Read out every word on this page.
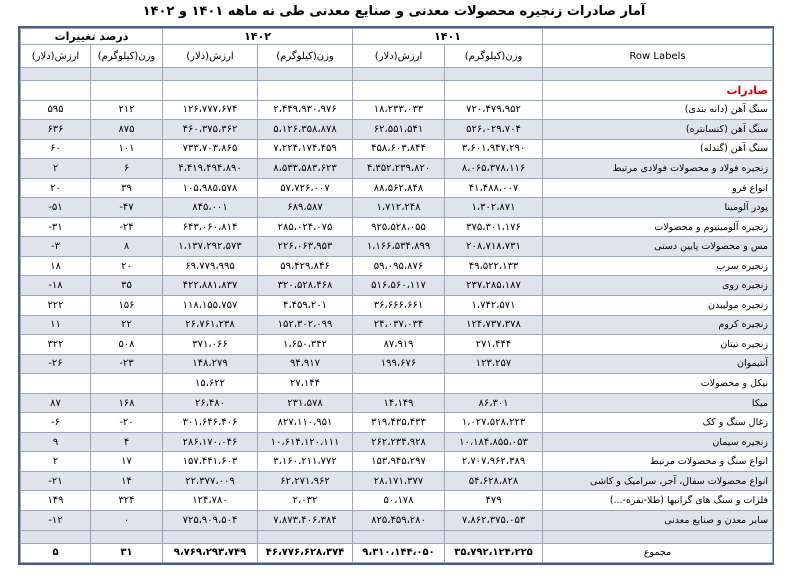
آمار صادرات زنجیره محصولات معدنی و صنایع معدنی طی نه ماهه ۱۴۰۱ و ۱۴۰۲
درصد تغییرات		۱۴۰۲		۱۴۰۱		
ارزش(دلار)	وزن(کیلوگرم)	ارزش(دلار)	وزن(کیلوگرم)	ارزش(دلار)	وزن(کیلوگرم)	Row Labels

						صادرات
۵۹۵	۲۱۲	۱۲۶،۷۷۷،۶۷۴	۲،۴۴۹،۹۳۰،۹۷۶	۱۸،۲۳۳،۰۳۳	۷۲۰،۴۷۹،۹۵۲	سنگ آهن (دانه بندی)
۶۳۶	۸۷۵	۴۶۰،۳۷۵،۳۶۲	۵،۱۲۶،۳۵۸،۸۷۸	۶۲،۵۵۱،۵۴۱	۵۲۶،۰۲۹،۷۰۴	سنگ آهن (کنسانتره)
۶۰	۱۰۱	۷۳۳،۷۰۳،۸۶۵	۷،۲۲۴،۱۷۴،۴۵۹	۴۵۸،۶۰۳،۸۴۴	۳،۶۰۱،۹۴۷،۲۹۰	سنگ آهن (گندله)
۲	۶	۴،۴۱۹،۴۹۴،۸۹۰	۸،۵۳۳،۵۸۳،۶۲۳	۴،۳۵۲،۲۳۹،۸۲۰	۸،۰۶۵،۳۷۸،۱۱۶	زنجیره فولاد و محصولات فولادی مرتبط
۲۰	۳۹	۱۰۵،۹۸۵،۵۷۸	۵۷،۷۲۶،۰۰۷	۸۸،۵۶۲،۸۴۸	۴۱،۴۸۸،۰۰۷	انواع فرو
-۵۱	-۴۷	۸۴۵،۰۰۱	۶۸۹،۵۸۷	۱،۷۱۲،۲۴۸	۱،۳۰۲،۸۷۱	پودر آلومینا
-۳۱	-۲۴	۶۴۳،۰۶۰،۸۱۴	۲۸۵،۰۲۴،۰۷۵	۹۲۵،۵۲۸،۰۵۵	۳۷۵،۳۰۱،۱۷۶	زنجیره آلومینیوم و محصولات
-۳	۸	۱،۱۳۷،۲۹۲،۵۷۳	۲۲۶،۰۶۳،۹۵۳	۱،۱۶۶،۵۳۴،۸۹۹	۲۰۸،۷۱۸،۷۳۱	مس و محصولات پایین دستی
۱۸	۲۰	۶۹،۷۷۹،۹۹۵	۵۹،۴۲۹،۸۴۶	۵۹،۰۹۵،۸۷۶	۴۹،۵۲۲،۱۳۳	زنجیره سرب
-۱۸	۳۵	۴۲۲،۸۸۱،۸۳۷	۳۲۰،۵۲۸،۴۶۸	۵۱۶،۵۶۰،۱۱۷	۲۳۷،۲۸۵،۱۸۷	زنجیره روی
۲۲۲	۱۵۶	۱۱۸،۱۵۵،۷۵۷	۴،۴۵۹،۲۰۱	۳۶،۶۶۶،۶۶۱	۱،۷۴۲،۵۷۱	زنجیره مولیبدن
۱۱	۲۲	۲۶،۷۶۱،۲۳۸	۱۵۲،۳۰۲،۰۹۹	۲۴،۰۳۷،۰۳۴	۱۲۴،۷۳۷،۳۷۸	زنجیره کروم
۳۲۲	۵۰۸	۳۷۱،۰۶۶	۱،۶۵۰،۳۴۲	۸۷،۹۱۹	۲۷۱،۴۴۴	زنجیره تیتان
-۲۶	-۲۳	۱۴۸،۲۷۹	۹۴،۹۱۷	۱۹۹،۶۷۶	۱۲۳،۲۵۷	آنتیموان
		۱۵،۶۲۲	۲۷،۱۴۴			نیکل و محصولات
۸۷	۱۶۸	۲۶،۴۸۰	۲۳۱،۵۷۸	۱۴،۱۴۹	۸۶،۳۰۱	میکا
-۶	-۲۰	۳۰۱،۶۴۶،۴۰۶	۸۲۷،۱۱۰،۹۵۱	۳۱۹،۴۳۵،۴۳۳	۱،۰۲۷،۵۲۸،۲۲۳	زغال سنگ و کک
۹	۴	۲۸۶،۱۷۰،۰۴۶	۱۰،۶۱۴،۱۲۰،۱۱۱	۲۶۲،۲۳۴،۹۲۸	۱۰،۱۸۴،۸۵۵،۰۵۳	زنجیره سیمان
۲	۱۷	۱۵۷،۴۴۱،۶۰۳	۳،۱۶۰،۲۱۱،۷۷۲	۱۵۳،۹۴۵،۲۹۷	۲،۷۰۷،۹۶۲،۳۸۹	انواع سنگ و محصولات مرتبط
-۲۱	۱۴	۲۲،۳۷۷،۰۰۹	۶۲،۲۷۱،۹۶۲	۲۸،۱۷۱،۳۷۷	۵۴،۶۲۸،۸۲۸	انواع محصولات سفال، آجر، سرامیک و کاشی
۱۴۹	۳۲۴	۱۲۴،۷۸۰	۲،۰۳۲	۵۰،۱۷۸	۴۷۹	فلزات و سنگ های گرانبها (طلا-نقره-...)
-۱۲	۰	۷۲۵،۹۰۹،۵۰۴	۷،۸۷۳،۴۰۶،۳۸۴	۸۲۵،۴۵۹،۲۸۰	۷،۸۶۲،۳۷۵،۰۵۳	سایر معدن و صنایع معدنی

۵	۳۱	۹،۷۶۹،۲۹۳،۷۴۹	۴۶،۷۷۶،۶۲۸،۳۷۴	۹،۳۱۰،۱۴۴،۰۵۰	۳۵،۷۹۲،۱۲۴،۲۲۵	مجموع
